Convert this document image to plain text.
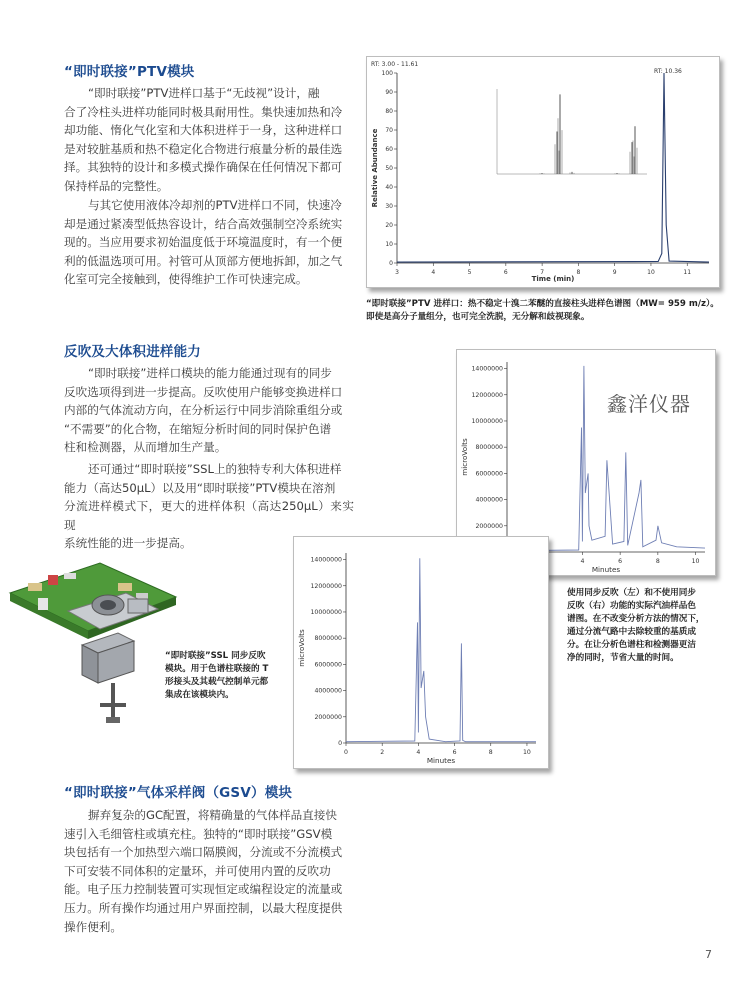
“即时联接”PTV模块
“即时联接”PTV进样口基于“无歧视”设计，融
合了冷柱头进样功能同时极具耐用性。集快速加热和冷
却功能、惰化气化室和大体积进样于一身，这种进样口
是对较脏基质和热不稳定化合物进行痕量分析的最佳选
择。其独特的设计和多模式操作确保在任何情况下都可
保持样品的完整性。
与其它使用液体冷却剂的PTV进样口不同，快速冷
却是通过紧凑型低热容设计，结合高效强制空冷系统实
现的。当应用要求初始温度低于环境温度时，有一个便
利的低温选项可用。衬管可从顶部方便地拆卸，加之气
化室可完全接触到，使得维护工作可快速完成。
0
10
20
30
40
50
60
70
80
90
100
3	4	5	6	7	8	9	10	11
Time (min)
Relative Abundance
RT: 3.00 - 11.61
RT: 10.36
“即时联接”PTV 进样口：热不稳定十溴二苯醚的直接柱头进样色谱图（MW= 959 m/z）。
即使是高分子量组分，也可完全洗脱，无分解和歧视现象。
反吹及大体积进样能力
“即时联接”进样口模块的能力能通过现有的同步
反吹选项得到进一步提高。反吹使用户能够变换进样口
内部的气体流动方向，在分析运行中同步消除重组分或
“不需要”的化合物，在缩短分析时间的同时保护色谱
柱和检测器，从而增加生产量。
还可通过“即时联接”SSL上的独特专利大体积进样
能力（高达50μL）以及用“即时联接”PTV模块在溶剂
分流进样模式下，更大的进样体积（高达250μL）来实现
系统性能的进一步提高。
2000000
4000000
6000000
8000000
10000000
12000000
14000000
4	6	8	10
Minutes
microVolts
鑫洋仪器
0
2000000
4000000
6000000
8000000
10000000
12000000
14000000
0	2	4	6	8	10
Minutes
microVolts
使用同步反吹（左）和不使用同步
反吹（右）功能的实际汽油样品色
谱图。在不改变分析方法的情况下，
通过分流气路中去除较重的基质成
分。在让分析色谱柱和检测器更洁
净的同时，节省大量的时间。
“即时联接”SSL 同步反吹
模块。用于色谱柱联接的 T
形接头及其载气控制单元都
集成在该模块内。
“即时联接”气体采样阀（GSV）模块
摒弃复杂的GC配置，将精确量的气体样品直接快
速引入毛细管柱或填充柱。独特的“即时联接”GSV模
块包括有一个加热型六端口隔膜阀，分流或不分流模式
下可安装不同体积的定量环，并可使用内置的反吹功
能。电子压力控制装置可实现恒定或编程设定的流量或
压力。所有操作均通过用户界面控制，以最大程度提供
操作便利。
7
